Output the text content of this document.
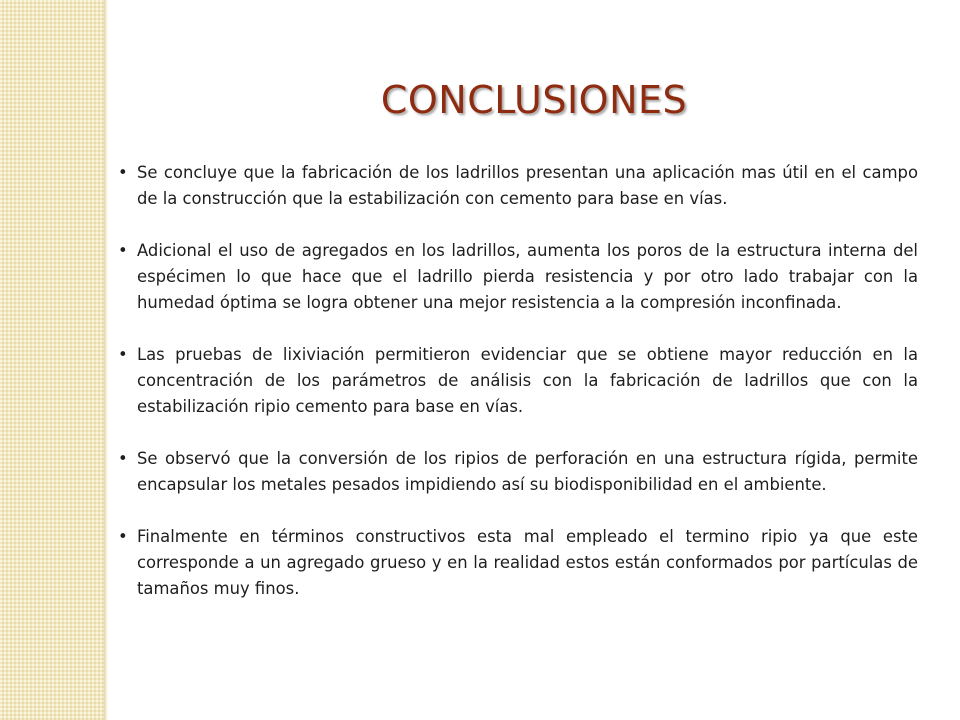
CONCLUSIONES
• Se concluye que la fabricación de los ladrillos presentan una aplicación mas útil en el campo de la construcción que la estabilización con cemento para base en vías.
• Adicional el uso de agregados en los ladrillos, aumenta los poros de la estructura interna del espécimen lo que hace que el ladrillo pierda resistencia y por otro lado trabajar con la humedad óptima se logra obtener una mejor resistencia a la compresión inconfinada.
• Las pruebas de lixiviación permitieron evidenciar que se obtiene mayor reducción en la concentración de los parámetros de análisis con la fabricación de ladrillos que con la estabilización ripio cemento para base en vías.
• Se observó que la conversión de los ripios de perforación en una estructura rígida, permite encapsular los metales pesados impidiendo así su biodisponibilidad en el ambiente.
• Finalmente en términos constructivos esta mal empleado el termino ripio ya que este corresponde a un agregado grueso y en la realidad estos están conformados por partículas de tamaños muy finos.
